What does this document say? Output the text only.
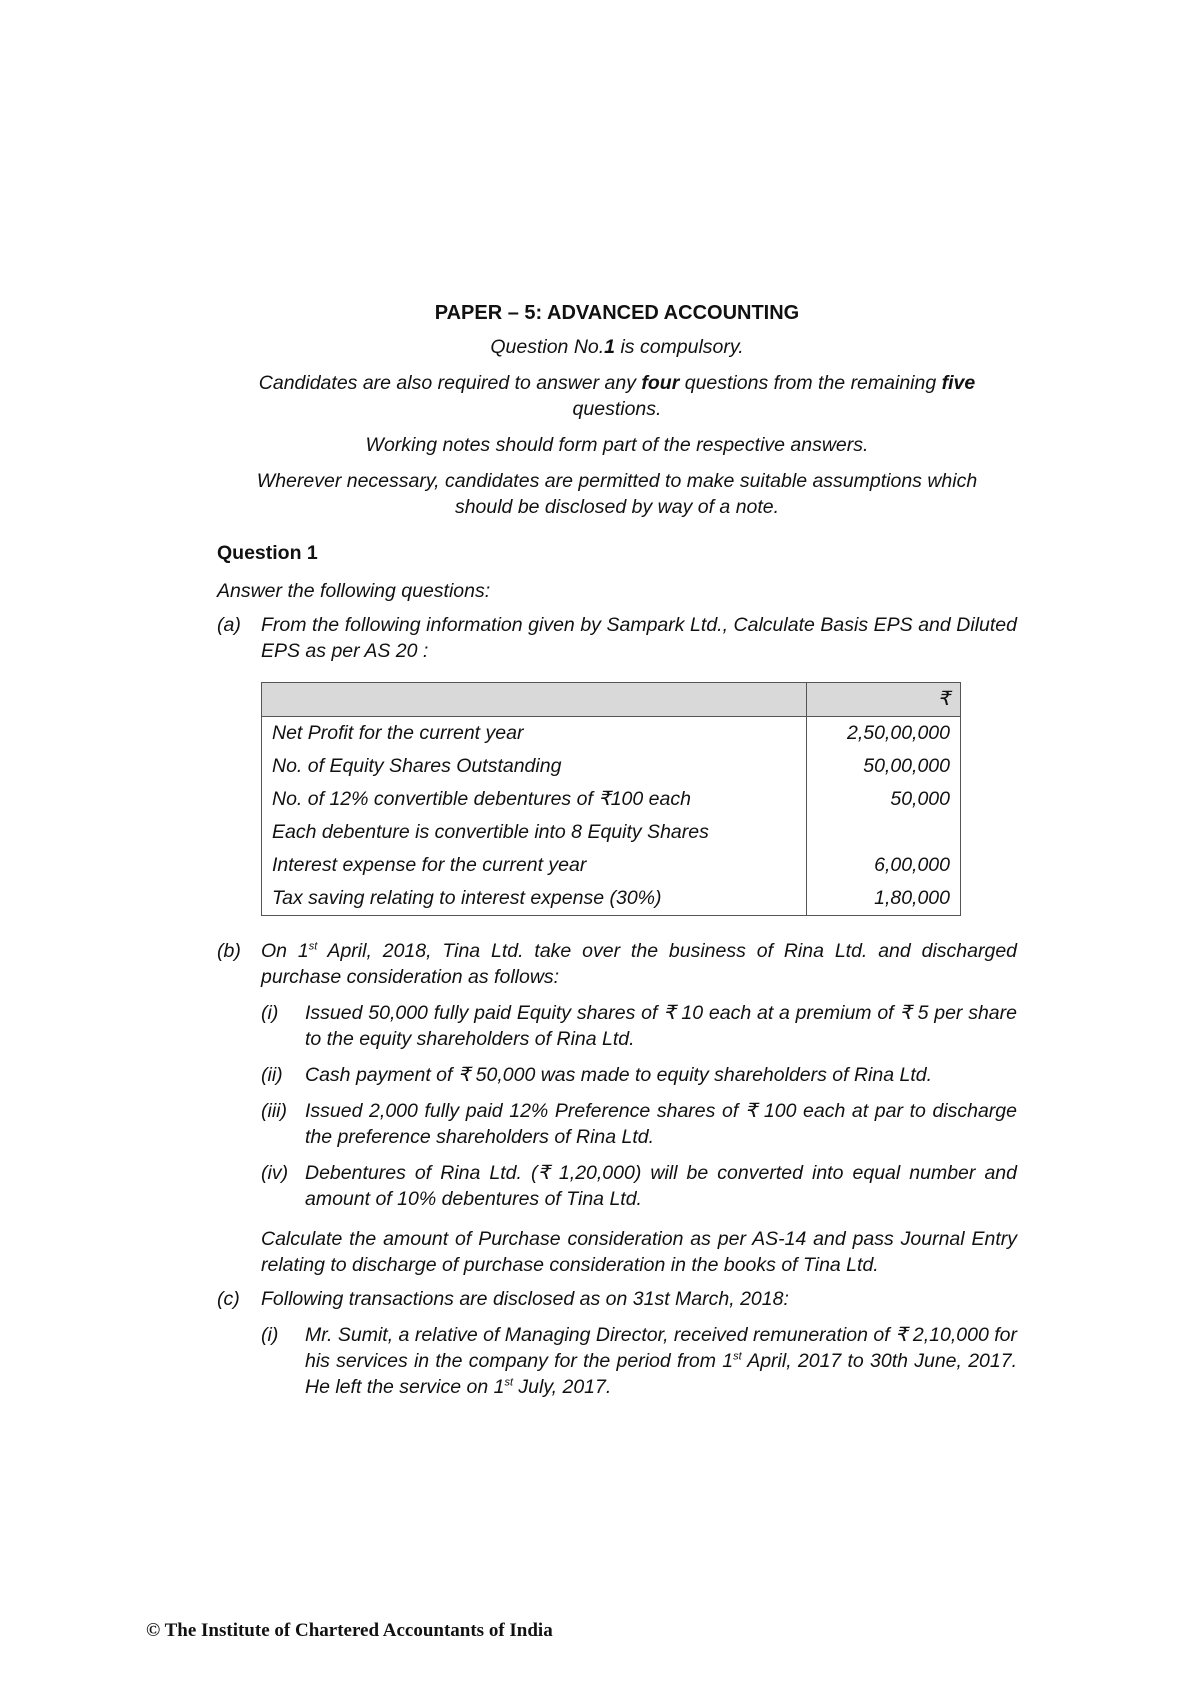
PAPER – 5: ADVANCED ACCOUNTING

Question No.1 is compulsory.

Candidates are also required to answer any four questions from the remaining five questions.

Working notes should form part of the respective answers.

Wherever necessary, candidates are permitted to make suitable assumptions which should be disclosed by way of a note.

Question 1

Answer the following questions:

(a)	From the following information given by Sampark Ltd., Calculate Basis EPS and Diluted EPS as per AS 20 :

	₹
Net Profit for the current year	2,50,00,000
No. of Equity Shares Outstanding	50,00,000
No. of 12% convertible debentures of ₹100 each	50,000
Each debenture is convertible into 8 Equity Shares	
Interest expense for the current year	6,00,000
Tax saving relating to interest expense (30%)	1,80,000
(b)	On 1st April, 2018, Tina Ltd. take over the business of Rina Ltd. and discharged purchase consideration as follows:

(i)	Issued 50,000 fully paid Equity shares of ₹ 10 each at a premium of ₹ 5 per share to the equity shareholders of Rina Ltd.
(ii)	Cash payment of ₹ 50,000 was made to equity shareholders of Rina Ltd.
(iii) Issued 2,000 fully paid 12% Preference shares of ₹ 100 each at par to discharge the preference shareholders of Rina Ltd.
(iv) Debentures of Rina Ltd. (₹ 1,20,000) will be converted into equal number and amount of 10% debentures of Tina Ltd.

Calculate the amount of Purchase consideration as per AS-14 and pass Journal Entry relating to discharge of purchase consideration in the books of Tina Ltd.

(c)	Following transactions are disclosed as on 31st March, 2018:

(i)	Mr. Sumit, a relative of Managing Director, received remuneration of ₹ 2,10,000 for his services in the company for the period from 1st April, 2017 to 30th June, 2017. He left the service on 1st July, 2017.
© The Institute of Chartered Accountants of India
